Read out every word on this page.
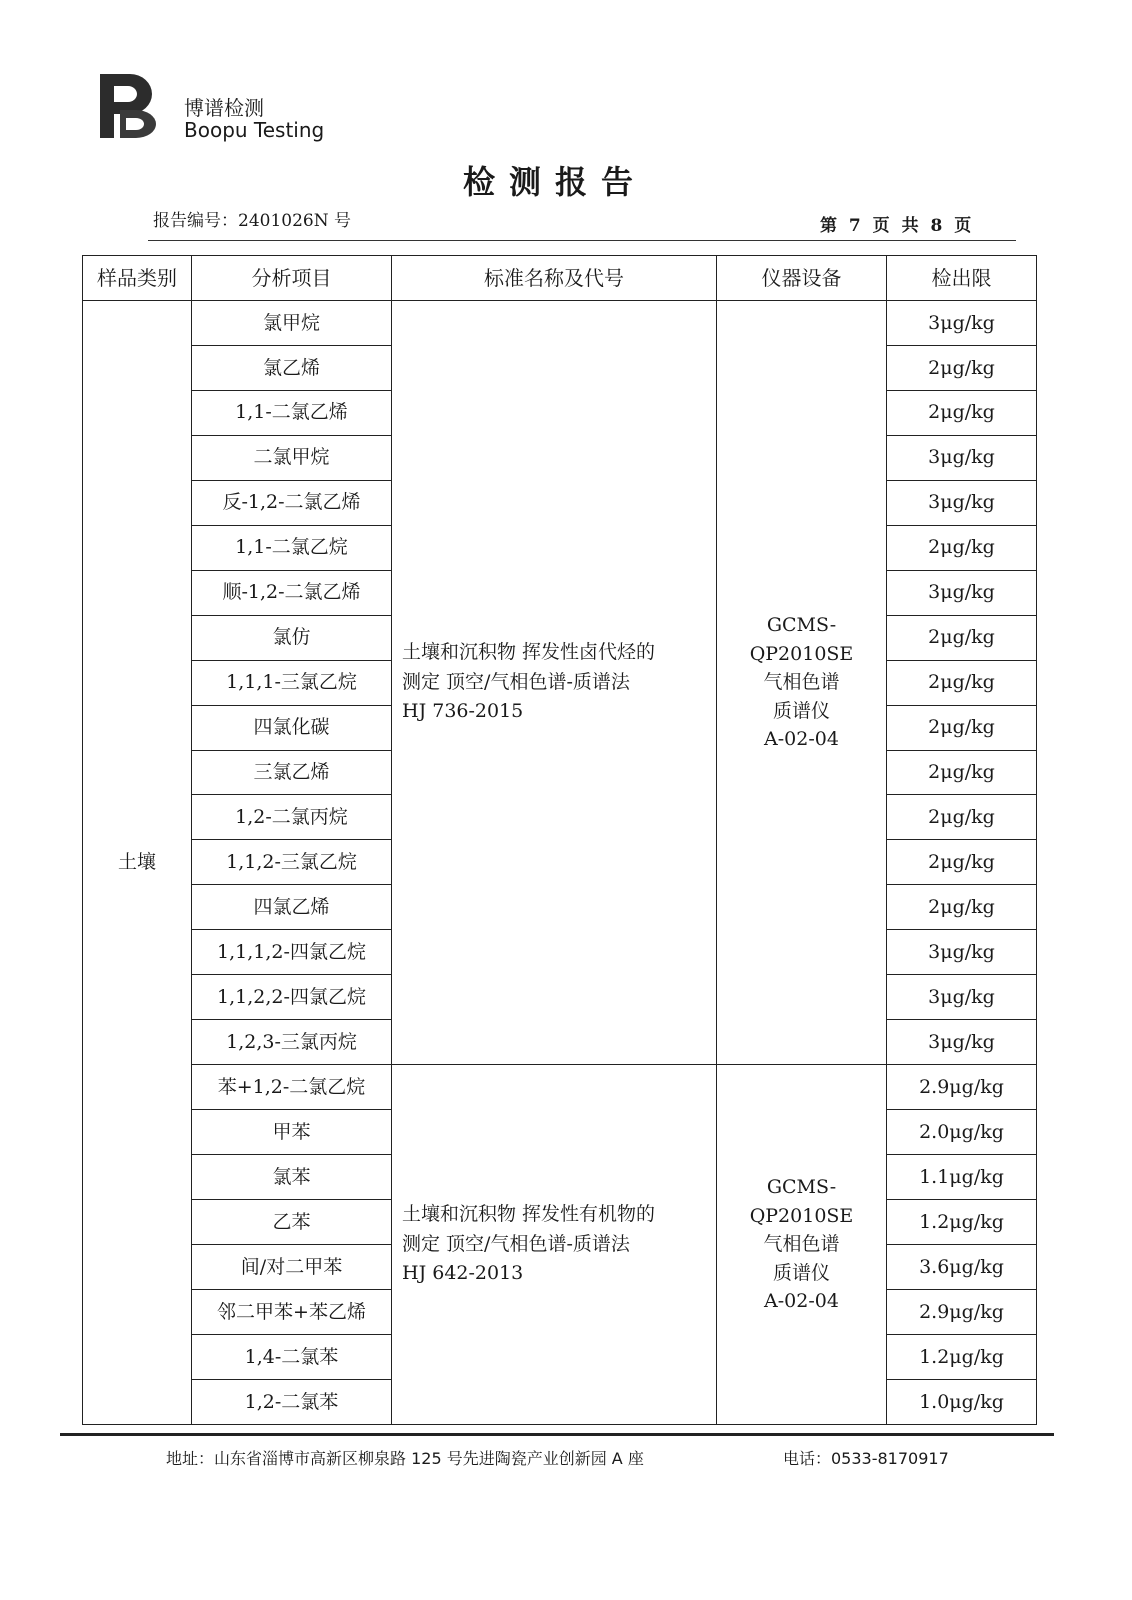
博谱检测
Boopu Testing
检测报告
报告编号：2401026N 号	第 7 页 共 8 页
样品类别	分析项目	标准名称及代号	仪器设备	检出限
土壤	氯甲烷	土壤和沉积物 挥发性卤代烃的
测定 顶空/气相色谱-质谱法
HJ 736-2015	GCMS-
QP2010SE
气相色谱
质谱仪
A-02-04	3μg/kg
	氯乙烯			2μg/kg
	1,1-二氯乙烯			2μg/kg
	二氯甲烷			3μg/kg
	反-1,2-二氯乙烯			3μg/kg
	1,1-二氯乙烷			2μg/kg
	顺-1,2-二氯乙烯			3μg/kg
	氯仿			2μg/kg
	1,1,1-三氯乙烷			2μg/kg
	四氯化碳			2μg/kg
	三氯乙烯			2μg/kg
	1,2-二氯丙烷			2μg/kg
	1,1,2-三氯乙烷			2μg/kg
	四氯乙烯			2μg/kg
	1,1,1,2-四氯乙烷			3μg/kg
	1,1,2,2-四氯乙烷			3μg/kg
	1,2,3-三氯丙烷			3μg/kg
	苯+1,2-二氯乙烷	土壤和沉积物 挥发性有机物的
测定 顶空/气相色谱-质谱法
HJ 642-2013	GCMS-
QP2010SE
气相色谱
质谱仪
A-02-04	2.9μg/kg
	甲苯			2.0μg/kg
	氯苯			1.1μg/kg
	乙苯			1.2μg/kg
	间/对二甲苯			3.6μg/kg
	邻二甲苯+苯乙烯			2.9μg/kg
	1,4-二氯苯			1.2μg/kg
	1,2-二氯苯			1.0μg/kg
地址：山东省淄博市高新区柳泉路 125 号先进陶瓷产业创新园 A 座	电话：0533-8170917
